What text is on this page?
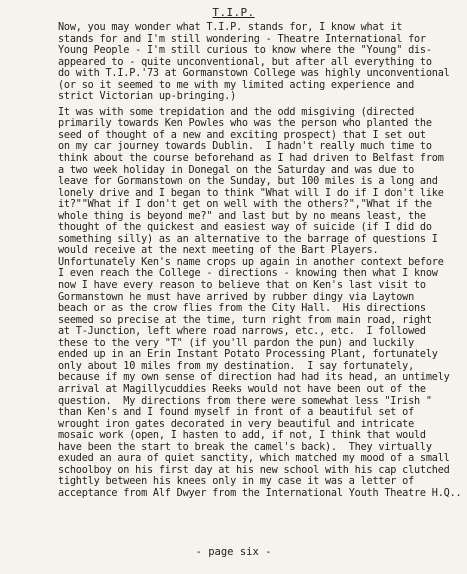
T.I.P.
Now, you may wonder what T.I.P. stands for, I know what it
stands for and I'm still wondering - Theatre International for
Young People - I'm still curious to know where the "Young" dis-
appeared to - quite unconventional, but after all everything to
do with T.I.P.'73 at Gormanstown College was highly unconventional
(or so it seemed to me with my limited acting experience and
strict Victorian up-bringing.)
It was with some trepidation and the odd misgiving (directed
primarily towards Ken Powles who was the person who planted the
seed of thought of a new and exciting prospect) that I set out
on my car journey towards Dublin.  I hadn't really much time to
think about the course beforehand as I had driven to Belfast from
a two week holiday in Donegal on the Saturday and was due to
leave for Gormanstown on the Sunday, but 100 miles is a long and
lonely drive and I began to think "What will I do if I don't like
it?""What if I don't get on well with the others?","What if the
whole thing is beyond me?" and last but by no means least, the
thought of the quickest and easiest way of suicide (if I did do
something silly) as an alternative to the barrage of questions I
would receive at the next meeting of the Bart Players.
Unfortunately Ken's name crops up again in another context before
I even reach the College - directions - knowing then what I know
now I have every reason to believe that on Ken's last visit to
Gormanstown he must have arrived by rubber dingy via Laytown
beach or as the crow flies from the City Hall.  His directions
seemed so precise at the time, turn right from main road, right
at T-Junction, left where road narrows, etc., etc.  I followed
these to the very "T" (if you'll pardon the pun) and luckily
ended up in an Erin Instant Potato Processing Plant, fortunately
only about 10 miles from my destination.  I say fortunately,
because if my own sense of direction had had its head, an untimely
arrival at Magillycuddies Reeks would not have been out of the
question.  My directions from there were somewhat less "Irish "
than Ken's and I found myself in front of a beautiful set of
wrought iron gates decorated in very beautiful and intricate
mosaic work (open, I hasten to add, if not, I think that would
have been the start to break the camel's back).  They virtually
exuded an aura of quiet sanctity, which matched my mood of a small
schoolboy on his first day at his new school with his cap clutched
tightly between his knees only in my case it was a letter of
acceptance from Alf Dwyer from the International Youth Theatre H.Q..
- page six -
